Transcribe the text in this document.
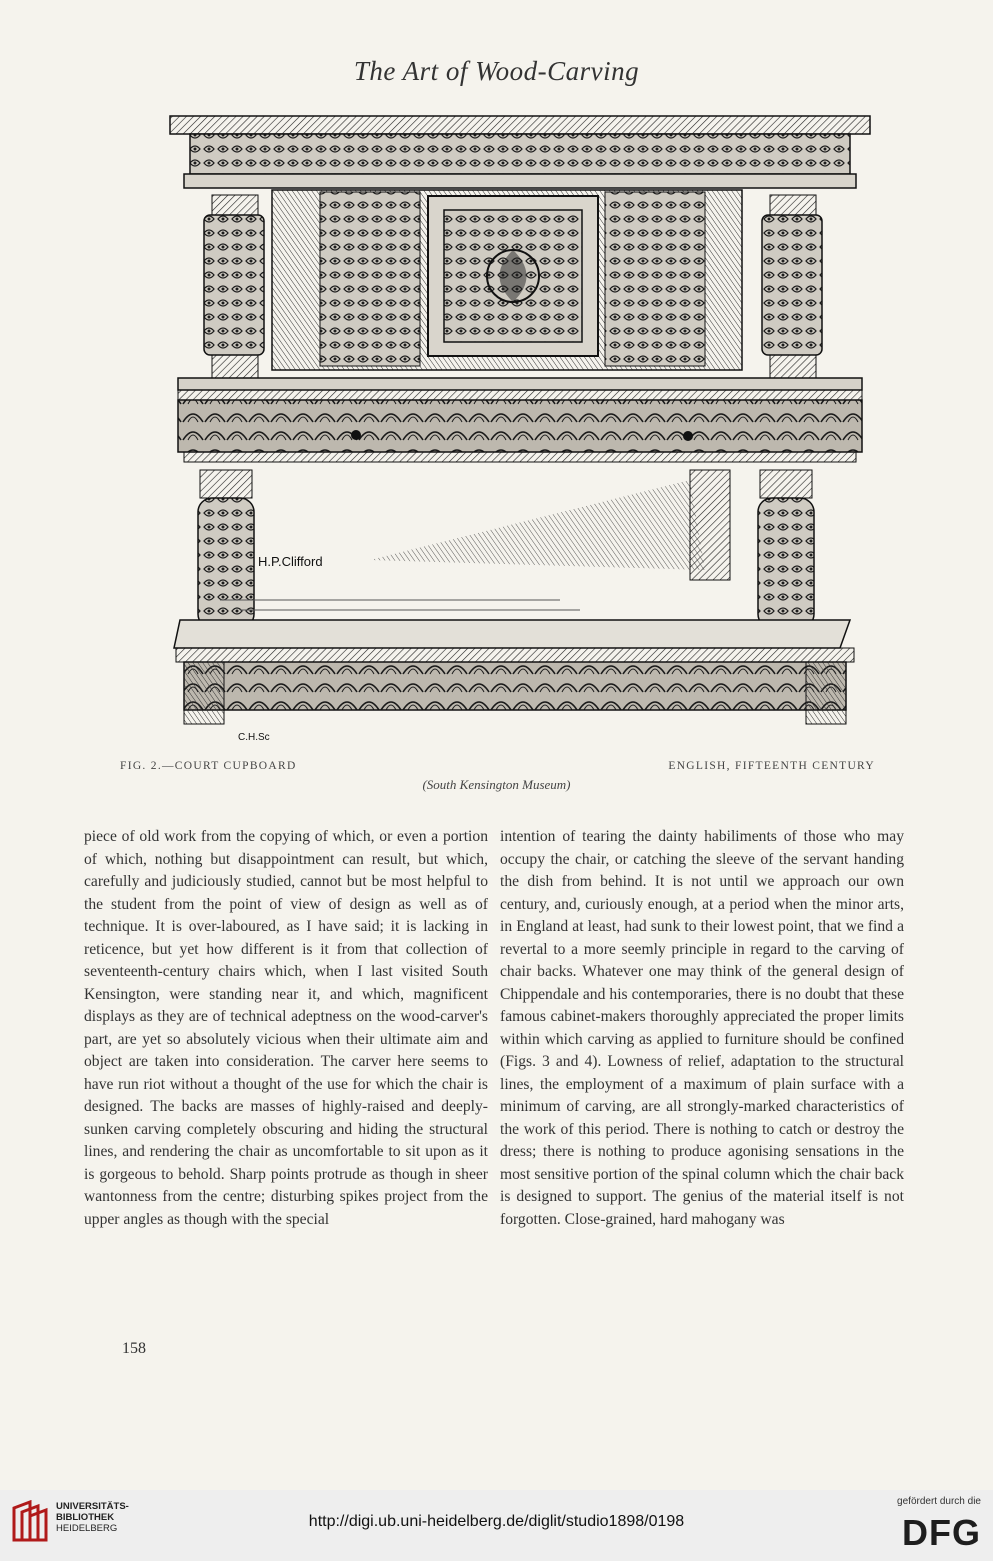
The Art of Wood-Carving
H.P.Clifford
C.H.Sc
FIG. 2.—COURT CUPBOARD	ENGLISH, FIFTEENTH CENTURY
(South Kensington Museum)

piece of old work from the copying of which, or even a portion of which, nothing but disappointment can result, but which, carefully and judiciously studied, cannot but be most helpful to the student from the point of view of design as well as of technique. It is over-laboured, as I have said; it is lacking in reticence, but yet how different is it from that collection of seventeenth-century chairs which, when I last visited South Kensington, were standing near it, and which, magnificent displays as they are of technical adeptness on the wood-carver's part, are yet so absolutely vicious when their ultimate aim and object are taken into consideration. The carver here seems to have run riot without a thought of the use for which the chair is designed. The backs are masses of highly-raised and deeply-sunken carving completely obscuring and hiding the structural lines, and rendering the chair as uncomfortable to sit upon as it is gorgeous to behold. Sharp points protrude as though in sheer wantonness from the centre; disturbing spikes project from the upper angles as though with the special

intention of tearing the dainty habiliments of those who may occupy the chair, or catching the sleeve of the servant handing the dish from behind. It is not until we approach our own century, and, curiously enough, at a period when the minor arts, in England at least, had sunk to their lowest point, that we find a revertal to a more seemly principle in regard to the carving of chair backs. Whatever one may think of the general design of Chippendale and his contemporaries, there is no doubt that these famous cabinet-makers thoroughly appreciated the proper limits within which carving as applied to furniture should be confined (Figs. 3 and 4). Lowness of relief, adaptation to the structural lines, the employment of a maximum of plain surface with a minimum of carving, are all strongly-marked characteristics of the work of this period. There is nothing to catch or destroy the dress; there is nothing to produce agonising sensations in the most sensitive portion of the spinal column which the chair back is designed to support. The genius of the material itself is not forgotten. Close-grained, hard mahogany was

158
UNIVERSITÄTS-
BIBLIOTHEK
HEIDELBERG	http://digi.ub.uni-heidelberg.de/diglit/studio1898/0198
gefördert durch die
DFG
